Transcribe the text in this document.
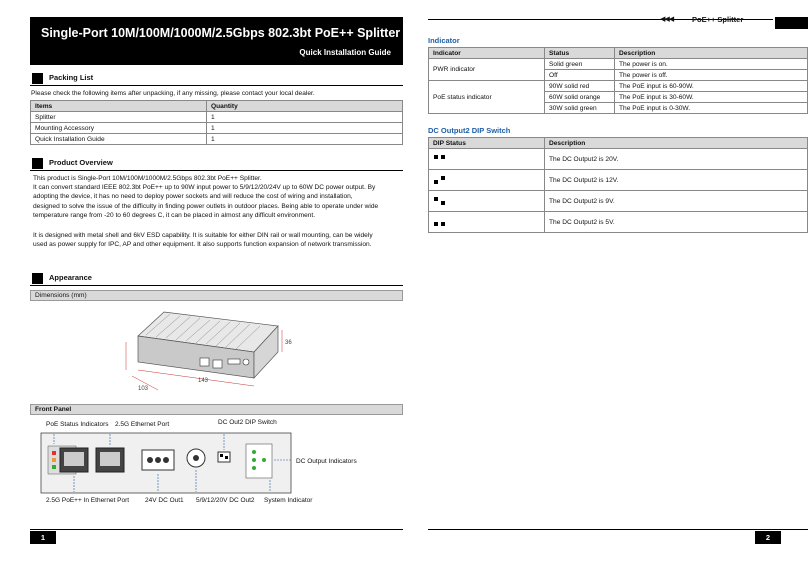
Single-Port 10M/100M/1000M/2.5Gbps 802.3bt PoE++ Splitter
Quick Installation Guide
Packing List
Please check the following items after unpacking, if any missing, please contact your local dealer.
Items	Quantity
Splitter	1
Mounting Accessory	1
Quick Installation Guide	1
Product Overview
This product is Single-Port 10M/100M/1000M/2.5Gbps 802.3bt PoE++ Splitter.
It can convert standard IEEE 802.3bt PoE++ up to 90W input power to 5/9/12/20/24V up to 60W DC power output. By adopting the device, it has no need to deploy power sockets and will reduce the cost of wiring and installation, designed to solve the issue of the difficulty in finding power outlets in outdoor places. Being able to operate under wide temperature range from -20 to 60 degrees C, it can be placed in almost any difficult environment.
It is designed with metal shell and 6kV ESD capability. It is suitable for either DIN rail or wall mounting, can be widely used as power supply for IPC, AP and other equipment. It also supports function expansion of network transmission.
Appearance
Dimensions (mm)
143
103
36
Front Panel
PoE Status Indicators 2.5G Ethernet Port	DC Out2 DIP Switch
DC Output Indicators
2.5G PoE++ In Ethernet Port 24V DC Out1 5/9/12/20V DC Out2 System Indicator
1
◀◀◀	PoE++ Splitter
Indicator
Indicator	Status	Description
PWR indicator	Solid green	The power is on.
	Off	The power is off.
PoE status indicator	90W solid red	The PoE input is 60-90W.
	60W solid orange	The PoE input is 30-60W.
	30W solid green	The PoE input is 0-30W.
DC Output2 DIP Switch
DIP Status	Description

	The DC Output2 is 20V.

	The DC Output2 is 12V.

	The DC Output2 is 9V.

	The DC Output2 is 5V.
2
